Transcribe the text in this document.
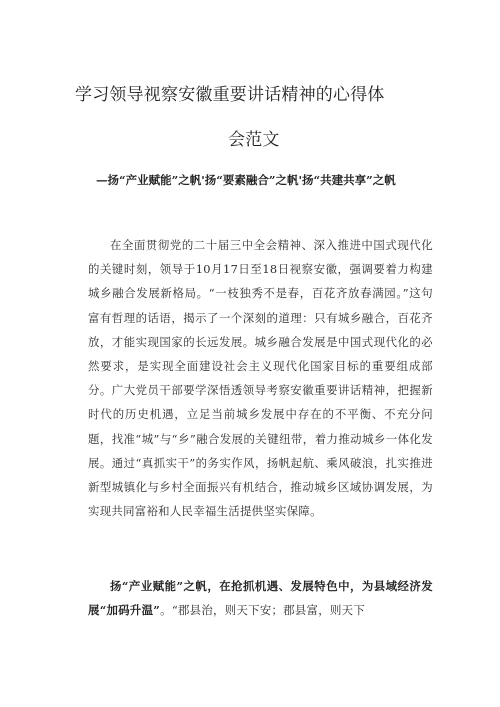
学习领导视察安徽重要讲话精神的心得体
会范文
—扬“产业赋能”之帆'扬“要素融合”之帆'扬“共建共享”之帆
在全面贯彻党的二十届三中全会精神、深入推进中国式现代化的关键时刻，领导于10月17日至18日视察安徽，强调要着力构建城乡融合发展新格局。“一枝独秀不是春，百花齐放春满园。”这句富有哲理的话语，揭示了一个深刻的道理：只有城乡融合，百花齐放，才能实现国家的长远发展。城乡融合发展是中国式现代化的必然要求，是实现全面建设社会主义现代化国家目标的重要组成部分。广大党员干部要学深悟透领导考察安徽重要讲话精神，把握新时代的历史机遇，立足当前城乡发展中存在的不平衡、不充分问题，找准“城”与“乡”融合发展的关键纽带，着力推动城乡一体化发展。通过“真抓实干”的务实作风，扬帆起航、乘风破浪，扎实推进新型城镇化与乡村全面振兴有机结合，推动城乡区域协调发展，为实现共同富裕和人民幸福生活提供坚实保障。
扬“产业赋能”之帆，在抢抓机遇、发展特色中，为县域经济发展“加码升温”。“郡县治，则天下安；郡县富，则天下
